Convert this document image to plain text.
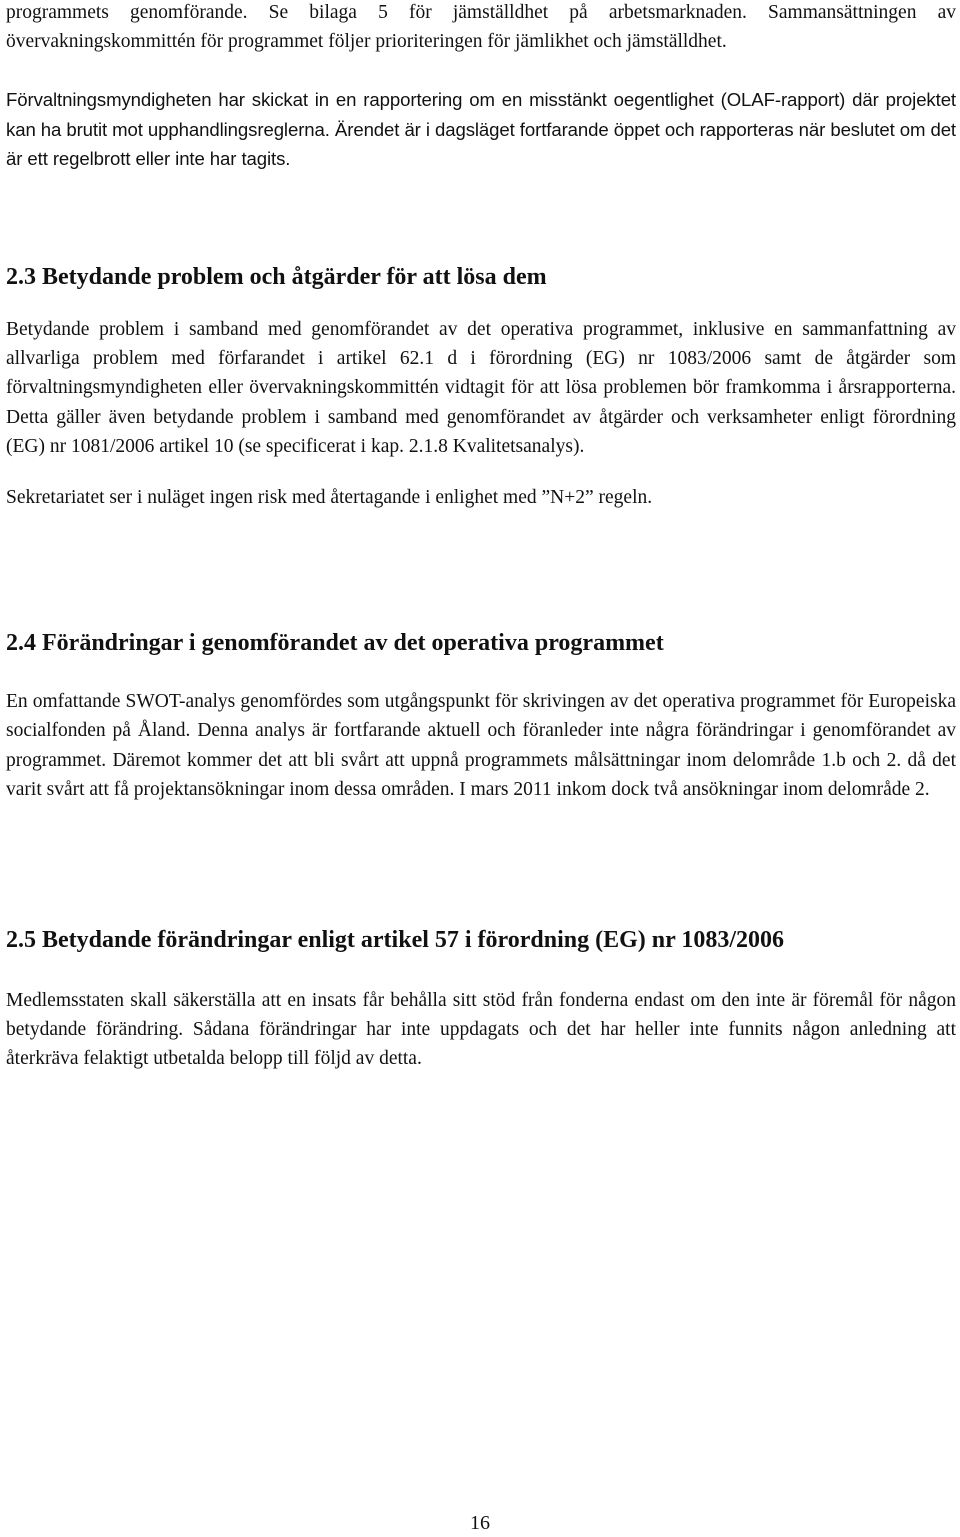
programmets genomförande. Se bilaga 5 för jämställdhet på arbetsmarknaden. Sammansättningen av övervakningskommittén för programmet följer prioriteringen för jämlikhet och jämställdhet.

Förvaltningsmyndigheten har skickat in en rapportering om en misstänkt oegentlighet (OLAF-rapport) där projektet kan ha brutit mot upphandlingsreglerna. Ärendet är i dagsläget fortfarande öppet och rapporteras när beslutet om det är ett regelbrott eller inte har tagits.

2.3 Betydande problem och åtgärder för att lösa dem

Betydande problem i samband med genomförandet av det operativa programmet, inklusive en sammanfattning av allvarliga problem med förfarandet i artikel 62.1 d i förordning (EG) nr 1083/2006 samt de åtgärder som förvaltningsmyndigheten eller övervakningskommittén vidtagit för att lösa problemen bör framkomma i årsrapporterna. Detta gäller även betydande problem i samband med genomförandet av åtgärder och verksamheter enligt förordning (EG) nr 1081/2006 artikel 10 (se specificerat i kap. 2.1.8 Kvalitetsanalys).

Sekretariatet ser i nuläget ingen risk med återtagande i enlighet med ”N+2” regeln.

2.4 Förändringar i genomförandet av det operativa programmet

En omfattande SWOT-analys genomfördes som utgångspunkt för skrivingen av det operativa programmet för Europeiska socialfonden på Åland. Denna analys är fortfarande aktuell och föranleder inte några förändringar i genomförandet av programmet. Däremot kommer det att bli svårt att uppnå programmets målsättningar inom delområde 1.b och 2. då det varit svårt att få projektansökningar inom dessa områden. I mars 2011 inkom dock två ansökningar inom delområde 2.

2.5 Betydande förändringar enligt artikel 57 i förordning (EG) nr 1083/2006

Medlemsstaten skall säkerställa att en insats får behålla sitt stöd från fonderna endast om den inte är föremål för någon betydande förändring. Sådana förändringar har inte uppdagats och det har heller inte funnits någon anledning att återkräva felaktigt utbetalda belopp till följd av detta.

16
